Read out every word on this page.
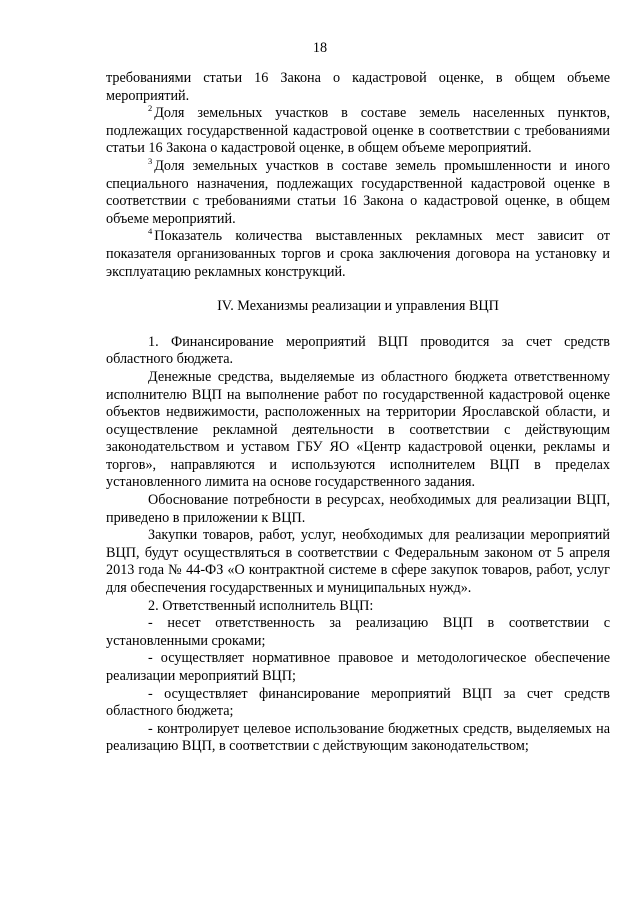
18

требованиями статьи 16 Закона о кадастровой оценке, в общем объеме мероприятий.

$^2$ Доля земельных участков в составе земель населенных пунктов, подлежащих государственной кадастровой оценке в соответствии с требованиями статьи 16 Закона о кадастровой оценке, в общем объеме мероприятий.

$^3$ Доля земельных участков в составе земель промышленности и иного специального назначения, подлежащих государственной кадастровой оценке в соответствии с требованиями статьи 16 Закона о кадастровой оценке, в общем объеме мероприятий.

$^4$ Показатель количества выставленных рекламных мест зависит от показателя организованных торгов и срока заключения договора на установку и эксплуатацию рекламных конструкций.

IV. Механизмы реализации и управления ВЦП

1. Финансирование мероприятий ВЦП проводится за счет средств областного бюджета.

Денежные средства, выделяемые из областного бюджета ответственному исполнителю ВЦП на выполнение работ по государственной кадастровой оценке объектов недвижимости, расположенных на территории Ярославской области, и осуществление рекламной деятельности в соответствии с действующим законодательством и уставом ГБУ ЯО «Центр кадастровой оценки, рекламы и торгов», направляются и используются исполнителем ВЦП в пределах установленного лимита на основе государственного задания.

Обоснование потребности в ресурсах, необходимых для реализации ВЦП, приведено в приложении к ВЦП.

Закупки товаров, работ, услуг, необходимых для реализации мероприятий ВЦП, будут осуществляться в соответствии с Федеральным законом от 5 апреля 2013 года № 44-ФЗ «О контрактной системе в сфере закупок товаров, работ, услуг для обеспечения государственных и муниципальных нужд».

2. Ответственный исполнитель ВЦП:

- несет ответственность за реализацию ВЦП в соответствии с установленными сроками;

- осуществляет нормативное правовое и методологическое обеспечение реализации мероприятий ВЦП;

- осуществляет финансирование мероприятий ВЦП за счет средств областного бюджета;

- контролирует целевое использование бюджетных средств, выделяемых на реализацию ВЦП, в соответствии с действующим законодательством;
